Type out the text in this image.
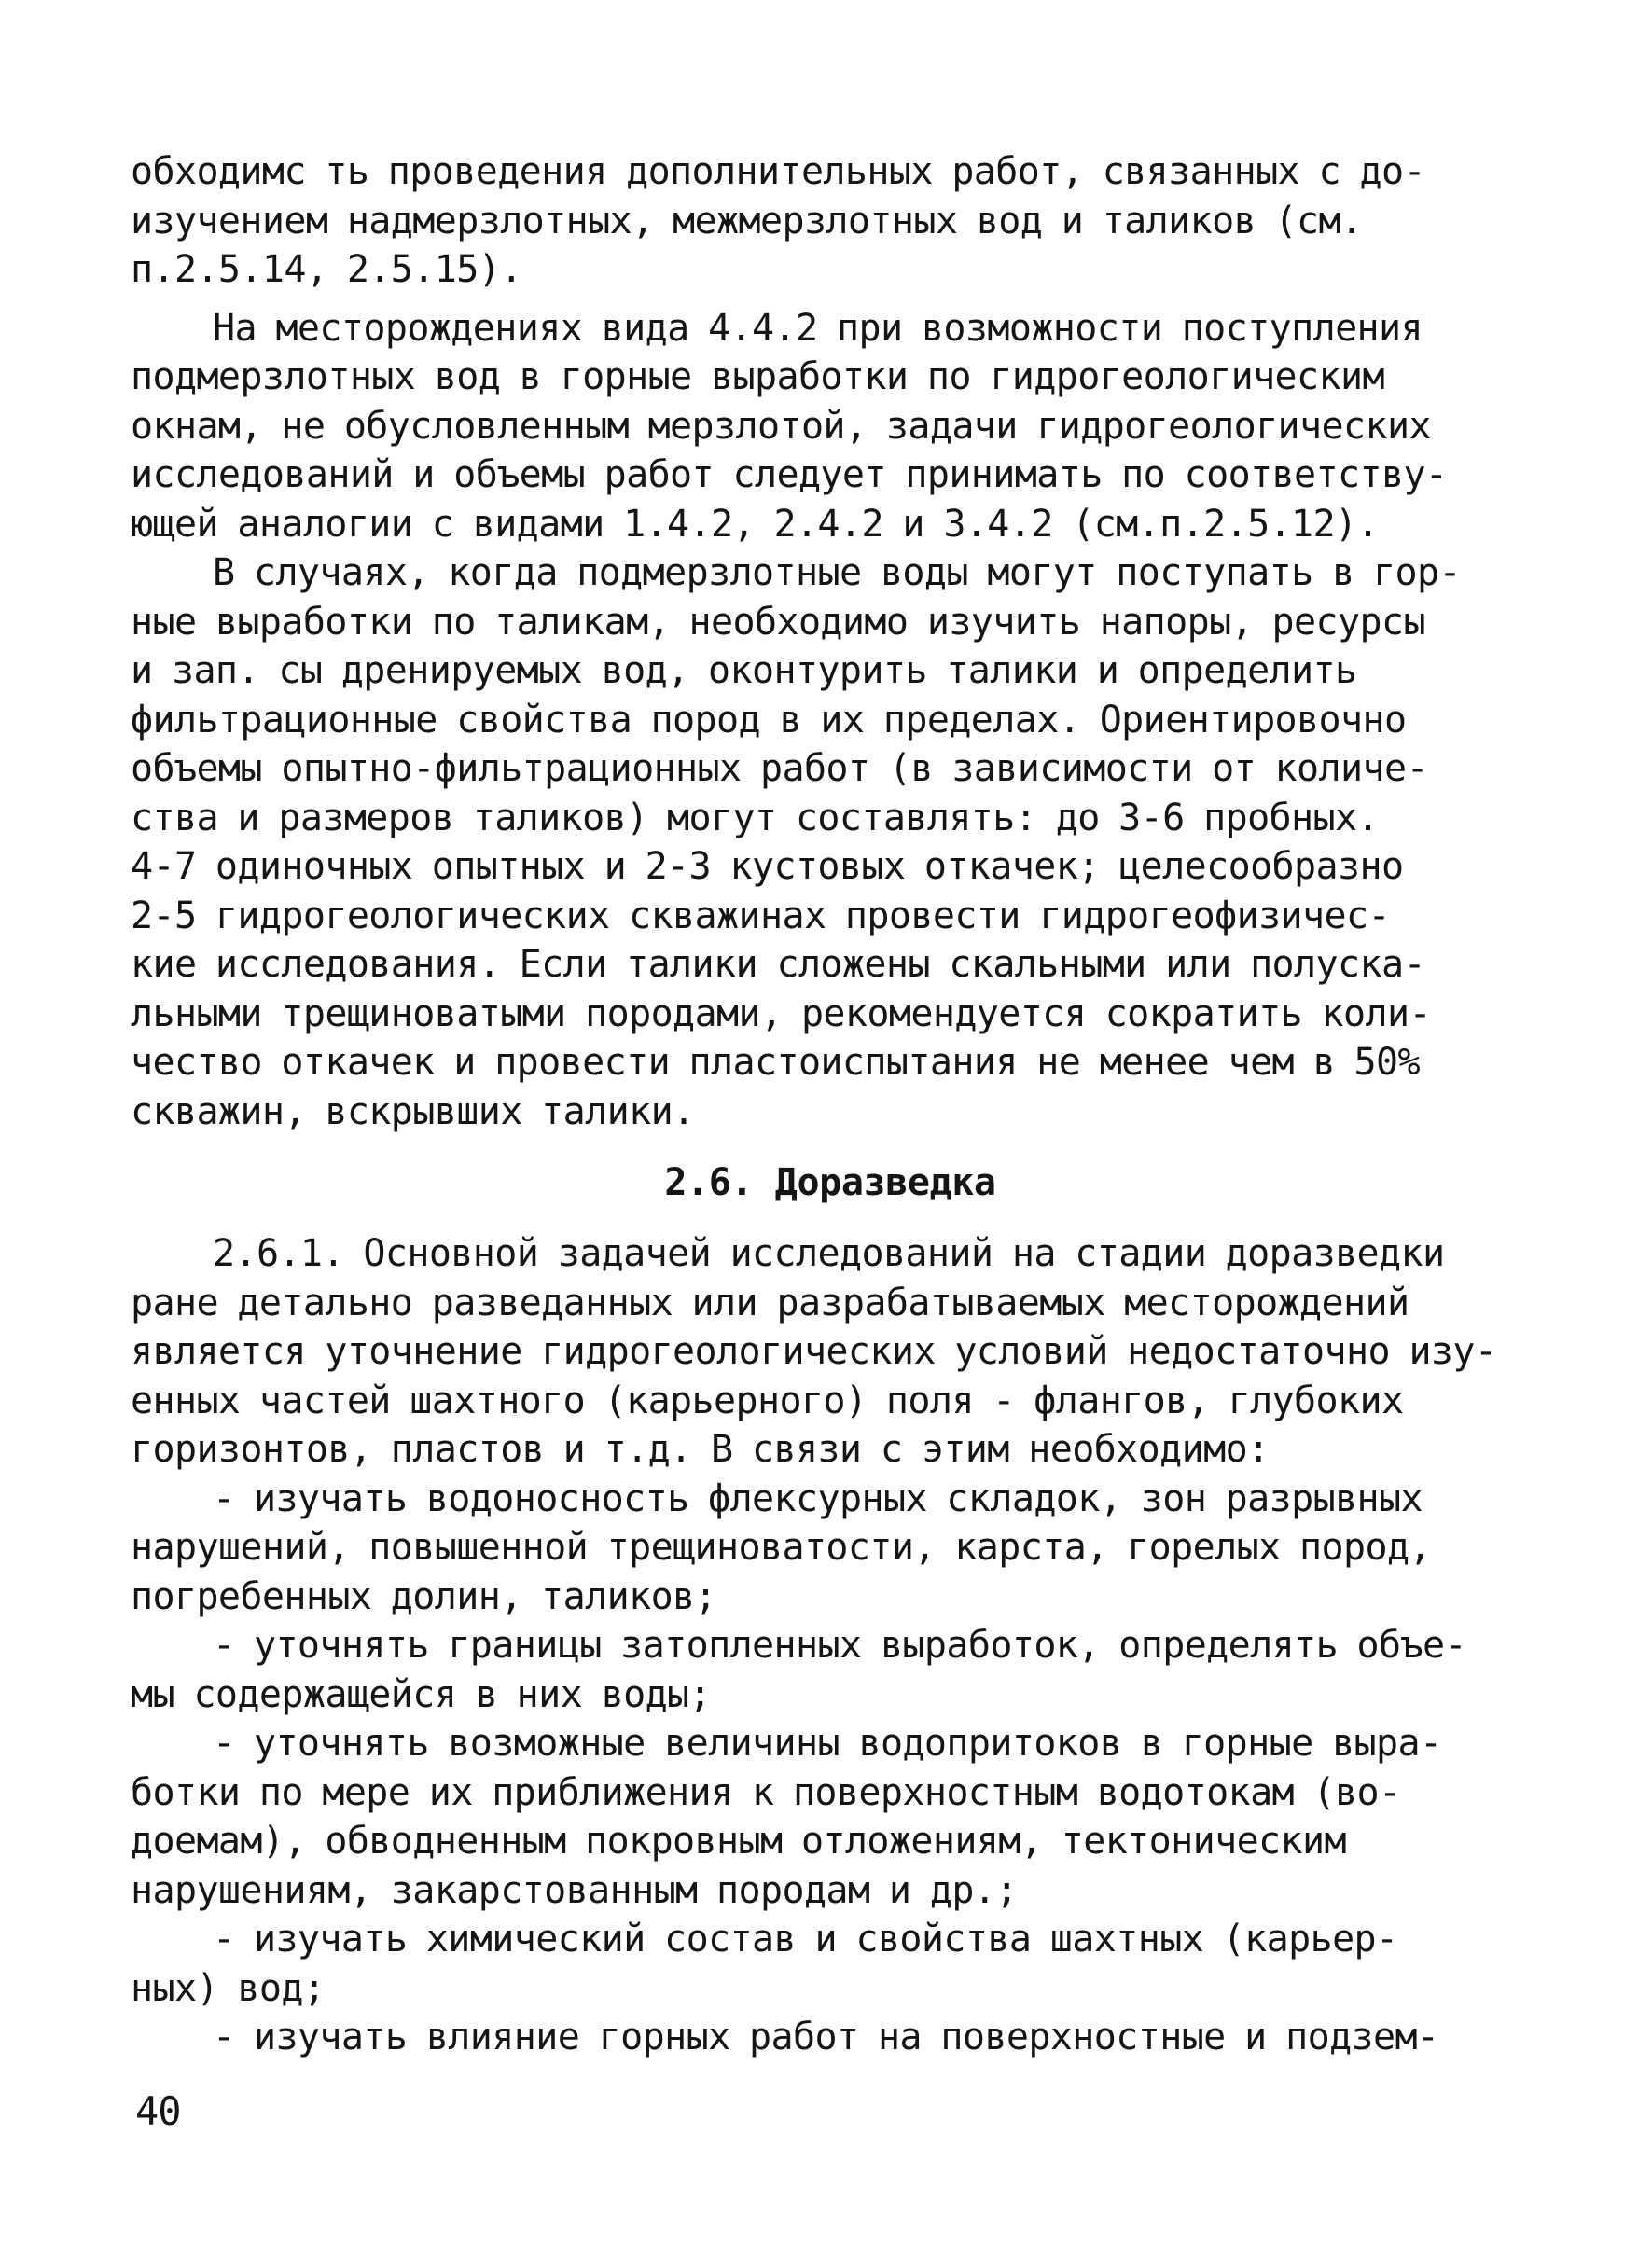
обходимс ть проведения дополнительных работ, связанных с до-
изучением надмерзлотных, межмерзлотных вод и таликов (см.
п.2.5.14, 2.5.15).

На месторождениях вида 4.4.2 при возможности поступления
подмерзлотных вод в горные выработки по гидрогеологическим
окнам, не обусловленным мерзлотой, задачи гидрогеологических
исследований и объемы работ следует принимать по соответству-
ющей аналогии с видами 1.4.2, 2.4.2 и 3.4.2 (см.п.2.5.12).

В случаях, когда подмерзлотные воды могут поступать в гор-
ные выработки по таликам, необходимо изучить напоры, ресурсы
и зап. сы дренируемых вод, оконтурить талики и определить
фильтрационные свойства пород в их пределах. Ориентировочно
объемы опытно-фильтрационных работ (в зависимости от количе-
ства и размеров таликов) могут составлять: до 3-6 пробных.
4-7 одиночных опытных и 2-3 кустовых откачек; целесообразно
2-5 гидрогеологических скважинах провести гидрогеофизичес-
кие исследования. Если талики сложены скальными или полуска-
льными трещиноватыми породами, рекомендуется сократить коли-
чество откачек и провести пластоиспытания не менее чем в 50%
скважин, вскрывших талики.

2.6. Доразведка

2.6.1. Основной задачей исследований на стадии доразведки
ране детально разведанных или разрабатываемых месторождений
является уточнение гидрогеологических условий недостаточно изу-
енных частей шахтного (карьерного) поля - флангов, глубоких
горизонтов, пластов и т.д. В связи с этим необходимо:

- изучать водоносность флексурных складок, зон разрывных
нарушений, повышенной трещиноватости, карста, горелых пород,
погребенных долин, таликов;

- уточнять границы затопленных выработок, определять объе-
мы содержащейся в них воды;

- уточнять возможные величины водопритоков в горные выра-
ботки по мере их приближения к поверхностным водотокам (во-
доемам), обводненным покровным отложениям, тектоническим
нарушениям, закарстованным породам и др.;

- изучать химический состав и свойства шахтных (карьер-
ных) вод;

- изучать влияние горных работ на поверхностные и подзем-

40
